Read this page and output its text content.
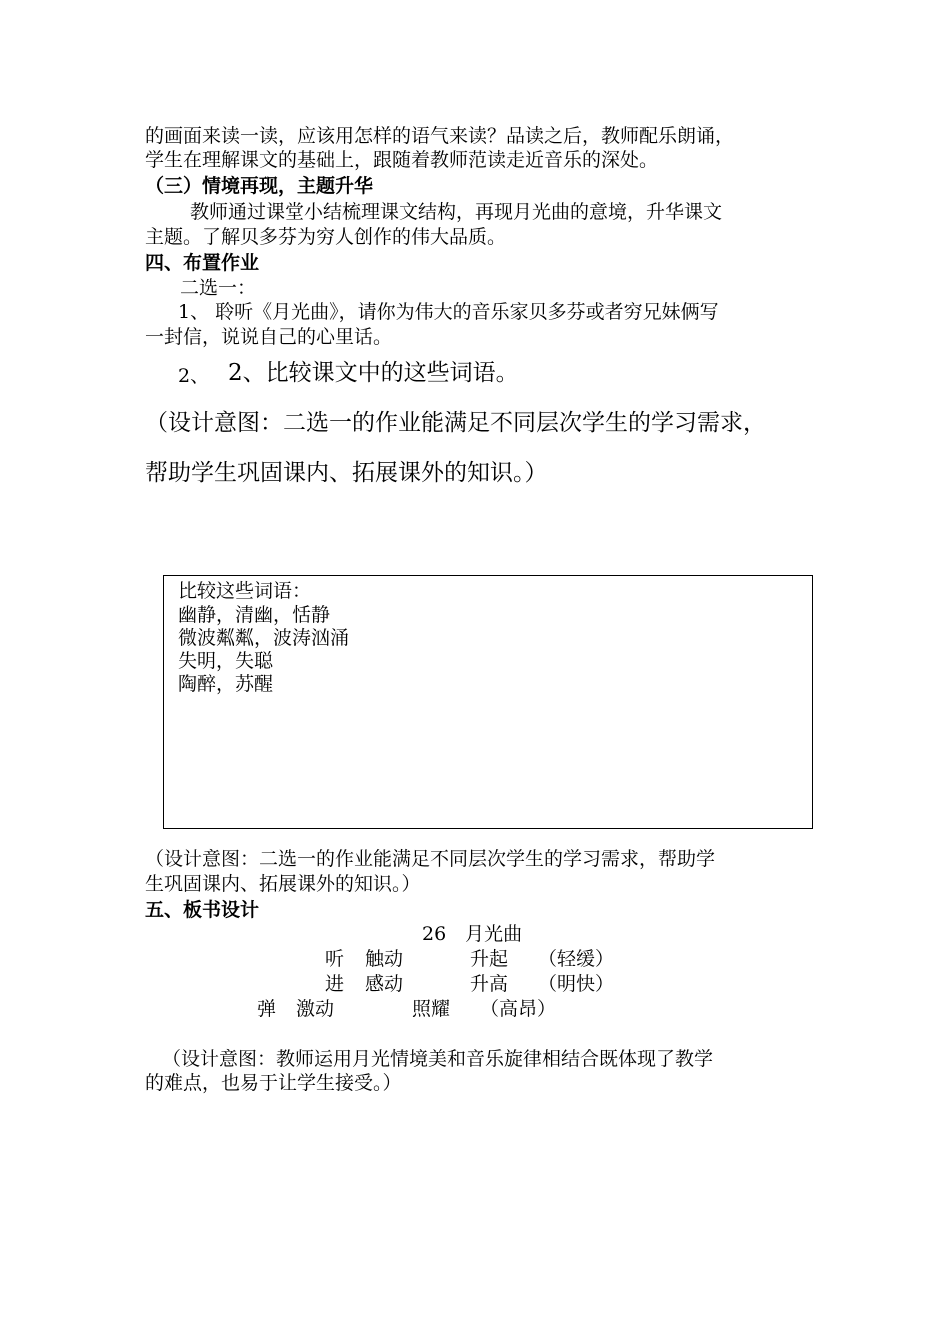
的画面来读一读，应该用怎样的语气来读？品读之后，教师配乐朗诵，
学生在理解课文的基础上，跟随着教师范读走近音乐的深处。
（三）情境再现，主题升华
教师通过课堂小结梳理课文结构，再现月光曲的意境，升华课文
主题。了解贝多芬为穷人创作的伟大品质。
四、布置作业
二选一：
1、 聆听《月光曲》，请你为伟大的音乐家贝多芬或者穷兄妹俩写
一封信，说说自己的心里话。
2、 2、比较课文中的这些词语。
（设计意图：二选一的作业能满足不同层次学生的学习需求，
帮助学生巩固课内、拓展课外的知识。）
比较这些词语：
幽静，清幽，恬静
微波粼粼，波涛汹涌
失明，失聪
陶醉，苏醒
（设计意图：二选一的作业能满足不同层次学生的学习需求，帮助学
生巩固课内、拓展课外的知识。）
五、板书设计
26　月光曲
听 触动	升起 （轻缓）
进 感动	升高 （明快）
弹 激动	照耀 （高昂）
（设计意图：教师运用月光情境美和音乐旋律相结合既体现了教学
的难点，也易于让学生接受。）
